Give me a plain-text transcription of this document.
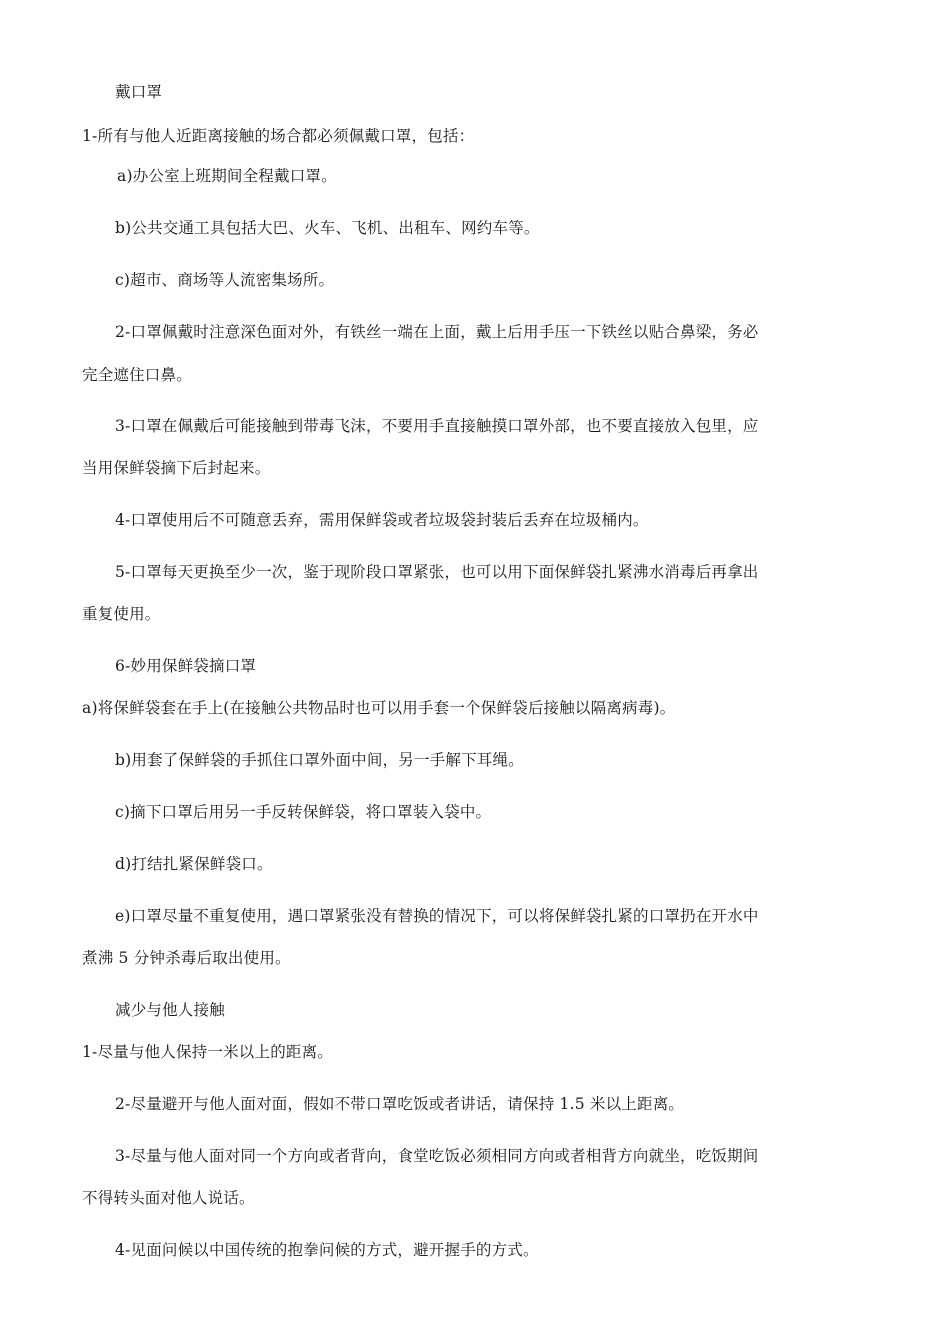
戴口罩
1-所有与他人近距离接触的场合都必须佩戴口罩，包括：
a)办公室上班期间全程戴口罩。
b)公共交通工具包括大巴、火车、飞机、出租车、网约车等。
c)超市、商场等人流密集场所。
2-口罩佩戴时注意深色面对外，有铁丝一端在上面，戴上后用手压一下铁丝以贴合鼻梁，务必
完全遮住口鼻。
3-口罩在佩戴后可能接触到带毒飞沫，不要用手直接触摸口罩外部，也不要直接放入包里，应
当用保鲜袋摘下后封起来。
4-口罩使用后不可随意丢弃，需用保鲜袋或者垃圾袋封装后丢弃在垃圾桶内。
5-口罩每天更换至少一次，鉴于现阶段口罩紧张，也可以用下面保鲜袋扎紧沸水消毒后再拿出
重复使用。
6-妙用保鲜袋摘口罩
a)将保鲜袋套在手上(在接触公共物品时也可以用手套一个保鲜袋后接触以隔离病毒)。
b)用套了保鲜袋的手抓住口罩外面中间，另一手解下耳绳。
c)摘下口罩后用另一手反转保鲜袋，将口罩装入袋中。
d)打结扎紧保鲜袋口。
e)口罩尽量不重复使用，遇口罩紧张没有替换的情况下，可以将保鲜袋扎紧的口罩扔在开水中
煮沸 5 分钟杀毒后取出使用。
减少与他人接触
1-尽量与他人保持一米以上的距离。
2-尽量避开与他人面对面，假如不带口罩吃饭或者讲话，请保持 1.5 米以上距离。
3-尽量与他人面对同一个方向或者背向，食堂吃饭必须相同方向或者相背方向就坐，吃饭期间
不得转头面对他人说话。
4-见面问候以中国传统的抱拳问候的方式，避开握手的方式。
